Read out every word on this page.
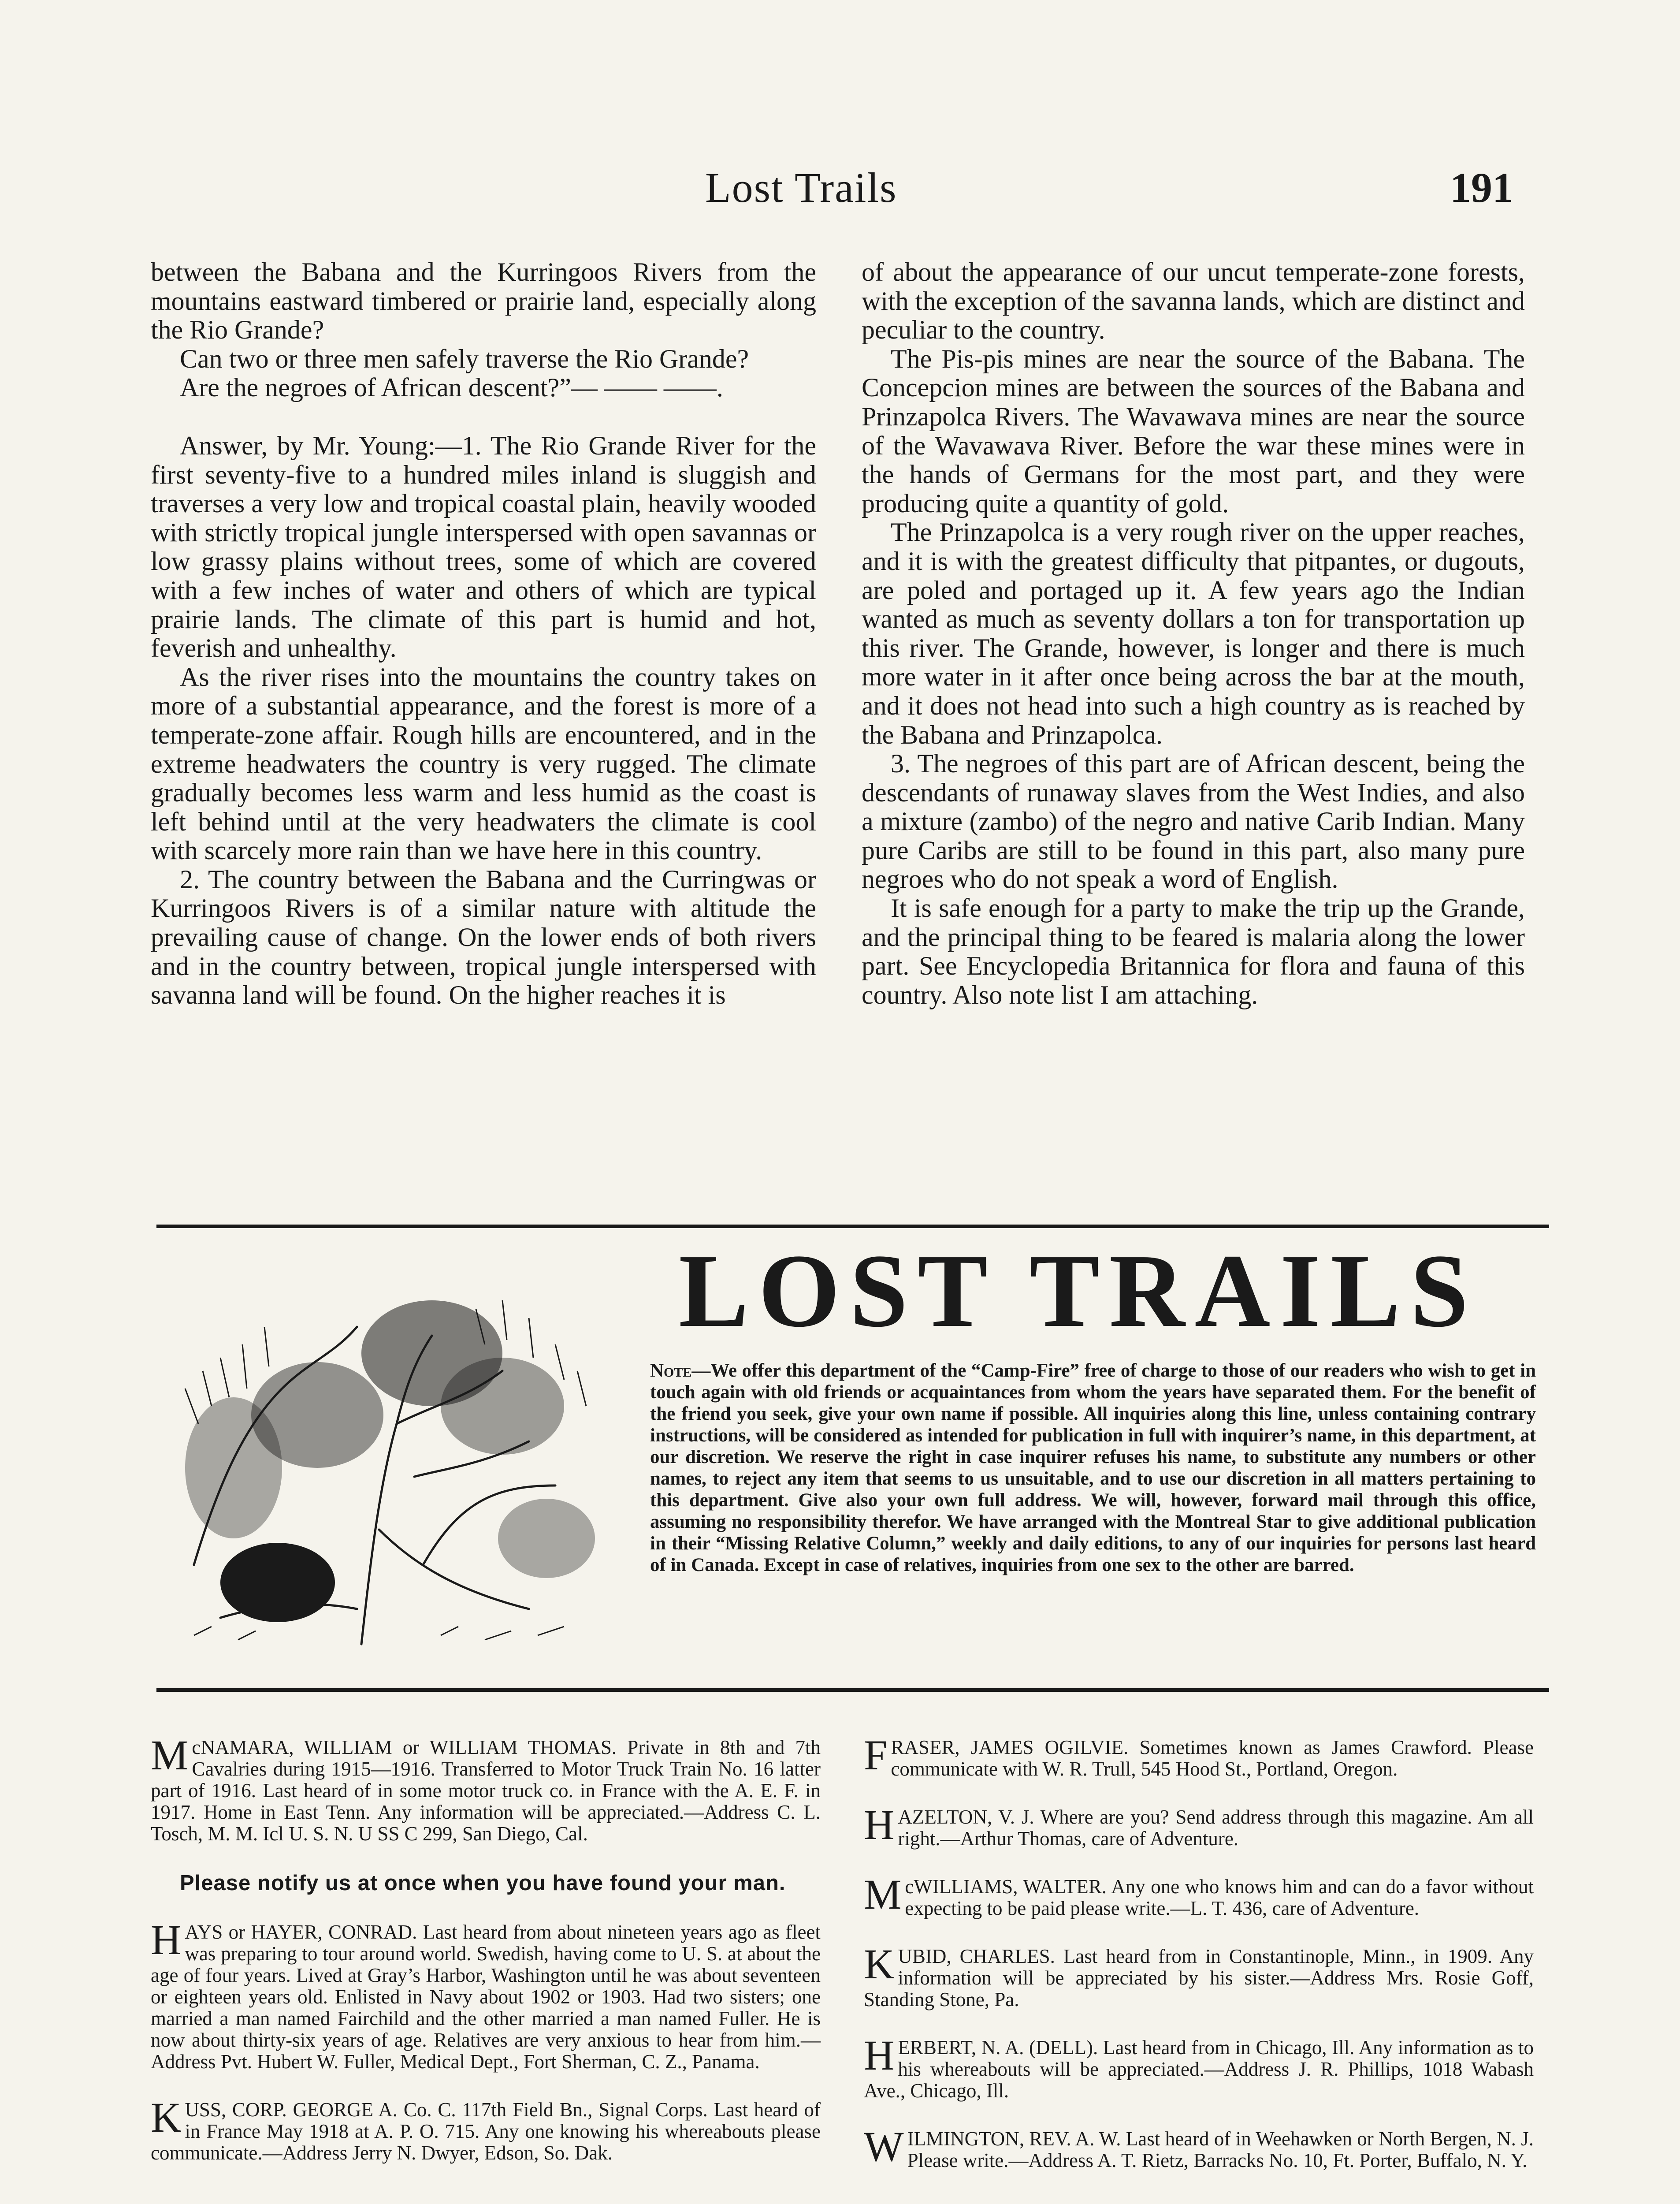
Lost Trails	191

between the Babana and the Kurringoos Rivers from the mountains eastward timbered or prairie land, especially along the Rio Grande?

Can two or three men safely traverse the Rio Grande?

Are the negroes of African descent?”— —— ——.

Answer, by Mr. Young:—1. The Rio Grande River for the first seventy-five to a hundred miles inland is sluggish and traverses a very low and tropical coastal plain, heavily wooded with strictly tropical jungle interspersed with open savannas or low grassy plains without trees, some of which are covered with a few inches of water and others of which are typical prairie lands. The climate of this part is humid and hot, feverish and unhealthy.

As the river rises into the mountains the country takes on more of a substantial appearance, and the forest is more of a temperate-zone affair. Rough hills are encountered, and in the extreme headwaters the country is very rugged. The climate gradually becomes less warm and less humid as the coast is left behind until at the very headwaters the climate is cool with scarcely more rain than we have here in this country.

2. The country between the Babana and the Curringwas or Kurringoos Rivers is of a similar nature with altitude the prevailing cause of change. On the lower ends of both rivers and in the country between, tropical jungle interspersed with savanna land will be found. On the higher reaches it is

of about the appearance of our uncut temperate-zone forests, with the exception of the savanna lands, which are distinct and peculiar to the country.

The Pis-pis mines are near the source of the Babana. The Concepcion mines are between the sources of the Babana and Prinzapolca Rivers. The Wavawava mines are near the source of the Wavawava River. Before the war these mines were in the hands of Germans for the most part, and they were producing quite a quantity of gold.

The Prinzapolca is a very rough river on the upper reaches, and it is with the greatest difficulty that pitpantes, or dugouts, are poled and portaged up it. A few years ago the Indian wanted as much as seventy dollars a ton for transportation up this river. The Grande, however, is longer and there is much more water in it after once being across the bar at the mouth, and it does not head into such a high country as is reached by the Babana and Prinzapolca.

3. The negroes of this part are of African descent, being the descendants of runaway slaves from the West Indies, and also a mixture (zambo) of the negro and native Carib Indian. Many pure Caribs are still to be found in this part, also many pure negroes who do not speak a word of English.

It is safe enough for a party to make the trip up the Grande, and the principal thing to be feared is malaria along the lower part. See Encyclopedia Britannica for flora and fauna of this country. Also note list I am attaching.

LOST TRAILS
Note—We offer this department of the “Camp-Fire” free of charge to those of our readers who wish to get in touch again with old friends or acquaintances from whom the years have separated them. For the benefit of the friend you seek, give your own name if possible. All inquiries along this line, unless containing contrary instructions, will be considered as intended for publication in full with inquirer’s name, in this department, at our discretion. We reserve the right in case inquirer refuses his name, to substitute any numbers or other names, to reject any item that seems to us unsuitable, and to use our discretion in all matters pertaining to this department. Give also your own full address. We will, however, forward mail through this office, assuming no responsibility therefor. We have arranged with the Montreal Star to give additional publication in their “Missing Relative Column,” weekly and daily editions, to any of our inquiries for persons last heard of in Canada. Except in case of relatives, inquiries from one sex to the other are barred.
McNAMARA, WILLIAM or WILLIAM THOMAS. Private in 8th and 7th Cavalries during 1915—1916. Transferred to Motor Truck Train No. 16 latter part of 1916. Last heard of in some motor truck co. in France with the A. E. F. in 1917. Home in East Tenn. Any information will be appreciated.—Address C. L. Tosch, M. M. Icl U. S. N. U SS C 299, San Diego, Cal.
Please notify us at once when you have found your man.
HAYS or HAYER, CONRAD. Last heard from about nineteen years ago as fleet was preparing to tour around world. Swedish, having come to U. S. at about the age of four years. Lived at Gray’s Harbor, Washington until he was about seventeen or eighteen years old. Enlisted in Navy about 1902 or 1903. Had two sisters; one married a man named Fairchild and the other married a man named Fuller. He is now about thirty-six years of age. Relatives are very anxious to hear from him.—Address Pvt. Hubert W. Fuller, Medical Dept., Fort Sherman, C. Z., Panama.
KUSS, CORP. GEORGE A. Co. C. 117th Field Bn., Signal Corps. Last heard of in France May 1918 at A. P. O. 715. Any one knowing his whereabouts please communicate.—Address Jerry N. Dwyer, Edson, So. Dak.
FRASER, JAMES OGILVIE. Sometimes known as James Crawford. Please communicate with W. R. Trull, 545 Hood St., Portland, Oregon.
HAZELTON, V. J. Where are you? Send address through this magazine. Am all right.—Arthur Thomas, care of Adventure.
McWILLIAMS, WALTER. Any one who knows him and can do a favor without expecting to be paid please write.—L. T. 436, care of Adventure.
KUBID, CHARLES. Last heard from in Constantinople, Minn., in 1909. Any information will be appreciated by his sister.—Address Mrs. Rosie Goff, Standing Stone, Pa.
HERBERT, N. A. (DELL). Last heard from in Chicago, Ill. Any information as to his whereabouts will be appreciated.—Address J. R. Phillips, 1018 Wabash Ave., Chicago, Ill.
WILMINGTON, REV. A. W. Last heard of in Weehawken or North Bergen, N. J. Please write.—Address A. T. Rietz, Barracks No. 10, Ft. Porter, Buffalo, N. Y.
